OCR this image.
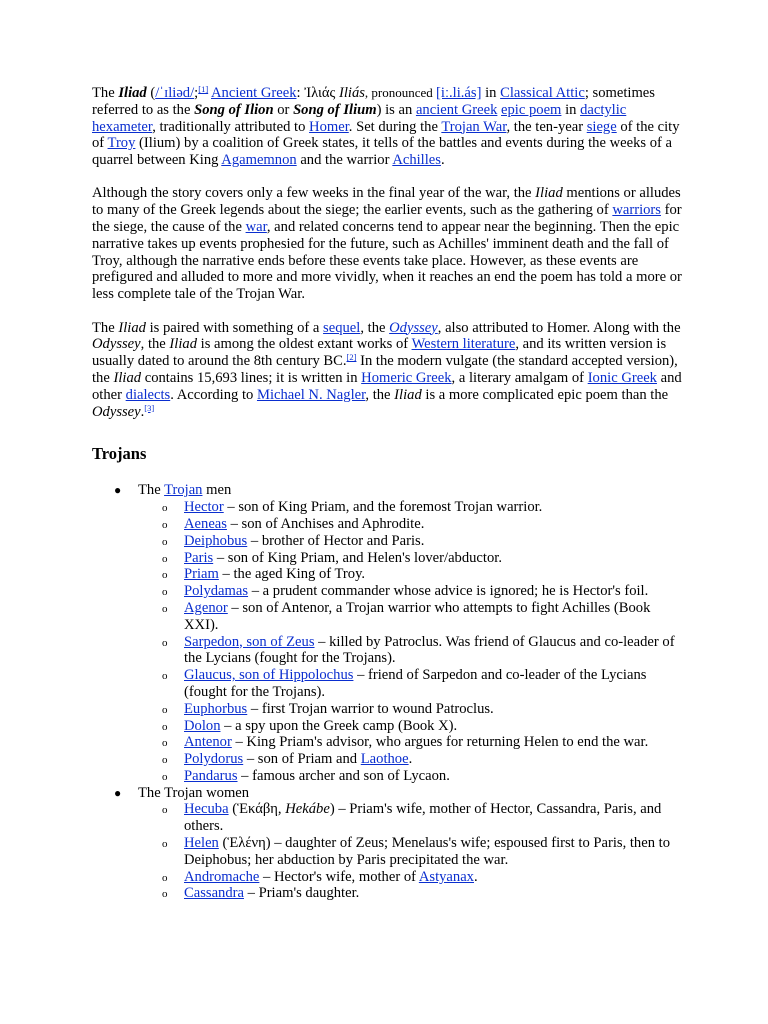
The Iliad (/ˈɪliəd/;[1] Ancient Greek: Ἰλιάς Iliás, pronounced [iː.li.ás] in Classical Attic; sometimes referred to as the Song of Ilion or Song of Ilium) is an ancient Greek epic poem in dactylic hexameter, traditionally attributed to Homer. Set during the Trojan War, the ten-year siege of the city of Troy (Ilium) by a coalition of Greek states, it tells of the battles and events during the weeks of a quarrel between King Agamemnon and the warrior Achilles.

Although the story covers only a few weeks in the final year of the war, the Iliad mentions or alludes to many of the Greek legends about the siege; the earlier events, such as the gathering of warriors for the siege, the cause of the war, and related concerns tend to appear near the beginning. Then the epic narrative takes up events prophesied for the future, such as Achilles' imminent death and the fall of Troy, although the narrative ends before these events take place. However, as these events are prefigured and alluded to more and more vividly, when it reaches an end the poem has told a more or less complete tale of the Trojan War.

The Iliad is paired with something of a sequel, the Odyssey, also attributed to Homer. Along with the Odyssey, the Iliad is among the oldest extant works of Western literature, and its written version is usually dated to around the 8th century BC.[2] In the modern vulgate (the standard accepted version), the Iliad contains 15,693 lines; it is written in Homeric Greek, a literary amalgam of Ionic Greek and other dialects. According to Michael N. Nagler, the Iliad is a more complicated epic poem than the Odyssey.[3]

Trojans
● The Trojan men
o Hector – son of King Priam, and the foremost Trojan warrior.
o Aeneas – son of Anchises and Aphrodite.
o Deiphobus – brother of Hector and Paris.
o Paris – son of King Priam, and Helen's lover/abductor.
o Priam – the aged King of Troy.
o Polydamas – a prudent commander whose advice is ignored; he is Hector's foil.
o Agenor – son of Antenor, a Trojan warrior who attempts to fight Achilles (Book XXI).
o Sarpedon, son of Zeus – killed by Patroclus. Was friend of Glaucus and co-leader of the Lycians (fought for the Trojans).
o Glaucus, son of Hippolochus – friend of Sarpedon and co-leader of the Lycians (fought for the Trojans).
o Euphorbus – first Trojan warrior to wound Patroclus.
o Dolon – a spy upon the Greek camp (Book X).
o Antenor – King Priam's advisor, who argues for returning Helen to end the war.
o Polydorus – son of Priam and Laothoe.
o Pandarus – famous archer and son of Lycaon.
● The Trojan women
o Hecuba (Ἑκάβη, Hekábe) – Priam's wife, mother of Hector, Cassandra, Paris, and others.
o Helen (Ἑλένη) – daughter of Zeus; Menelaus's wife; espoused first to Paris, then to Deiphobus; her abduction by Paris precipitated the war.
o Andromache – Hector's wife, mother of Astyanax.
o Cassandra – Priam's daughter.
